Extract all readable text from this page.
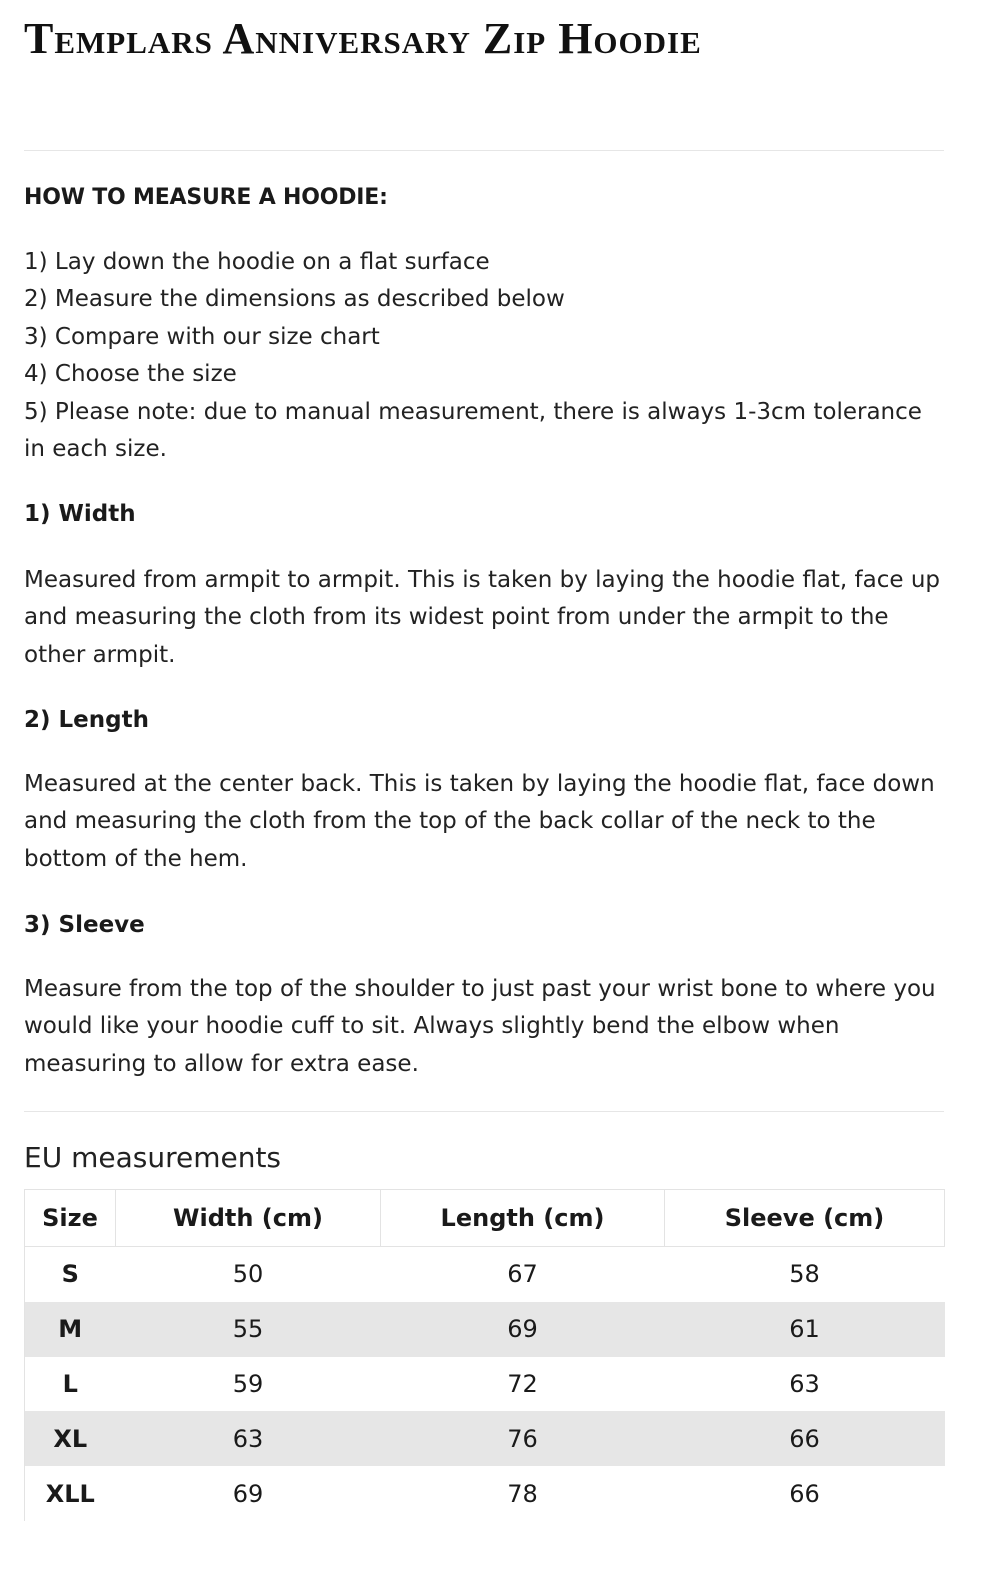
Templars Anniversary Zip Hoodie
HOW TO MEASURE A HOODIE:
1) Lay down the hoodie on a flat surface
2) Measure the dimensions as described below
3) Compare with our size chart
4) Choose the size
5) Please note: due to manual measurement, there is always 1-3cm tolerance in each size.
1) Width

Measured from armpit to armpit. This is taken by laying the hoodie flat, face up and measuring the cloth from its widest point from under the armpit to the other armpit.

2) Length

Measured at the center back. This is taken by laying the hoodie flat, face down and measuring the cloth from the top of the back collar of the neck to the bottom of the hem.

3) Sleeve

Measure from the top of the shoulder to just past your wrist bone to where you would like your hoodie cuff to sit. Always slightly bend the elbow when measuring to allow for extra ease.

EU measurements
Size	Width (cm)	Length (cm)	Sleeve (cm)
S	50	67	58
M	55	69	61
L	59	72	63
XL	63	76	66
XLL	69	78	66
